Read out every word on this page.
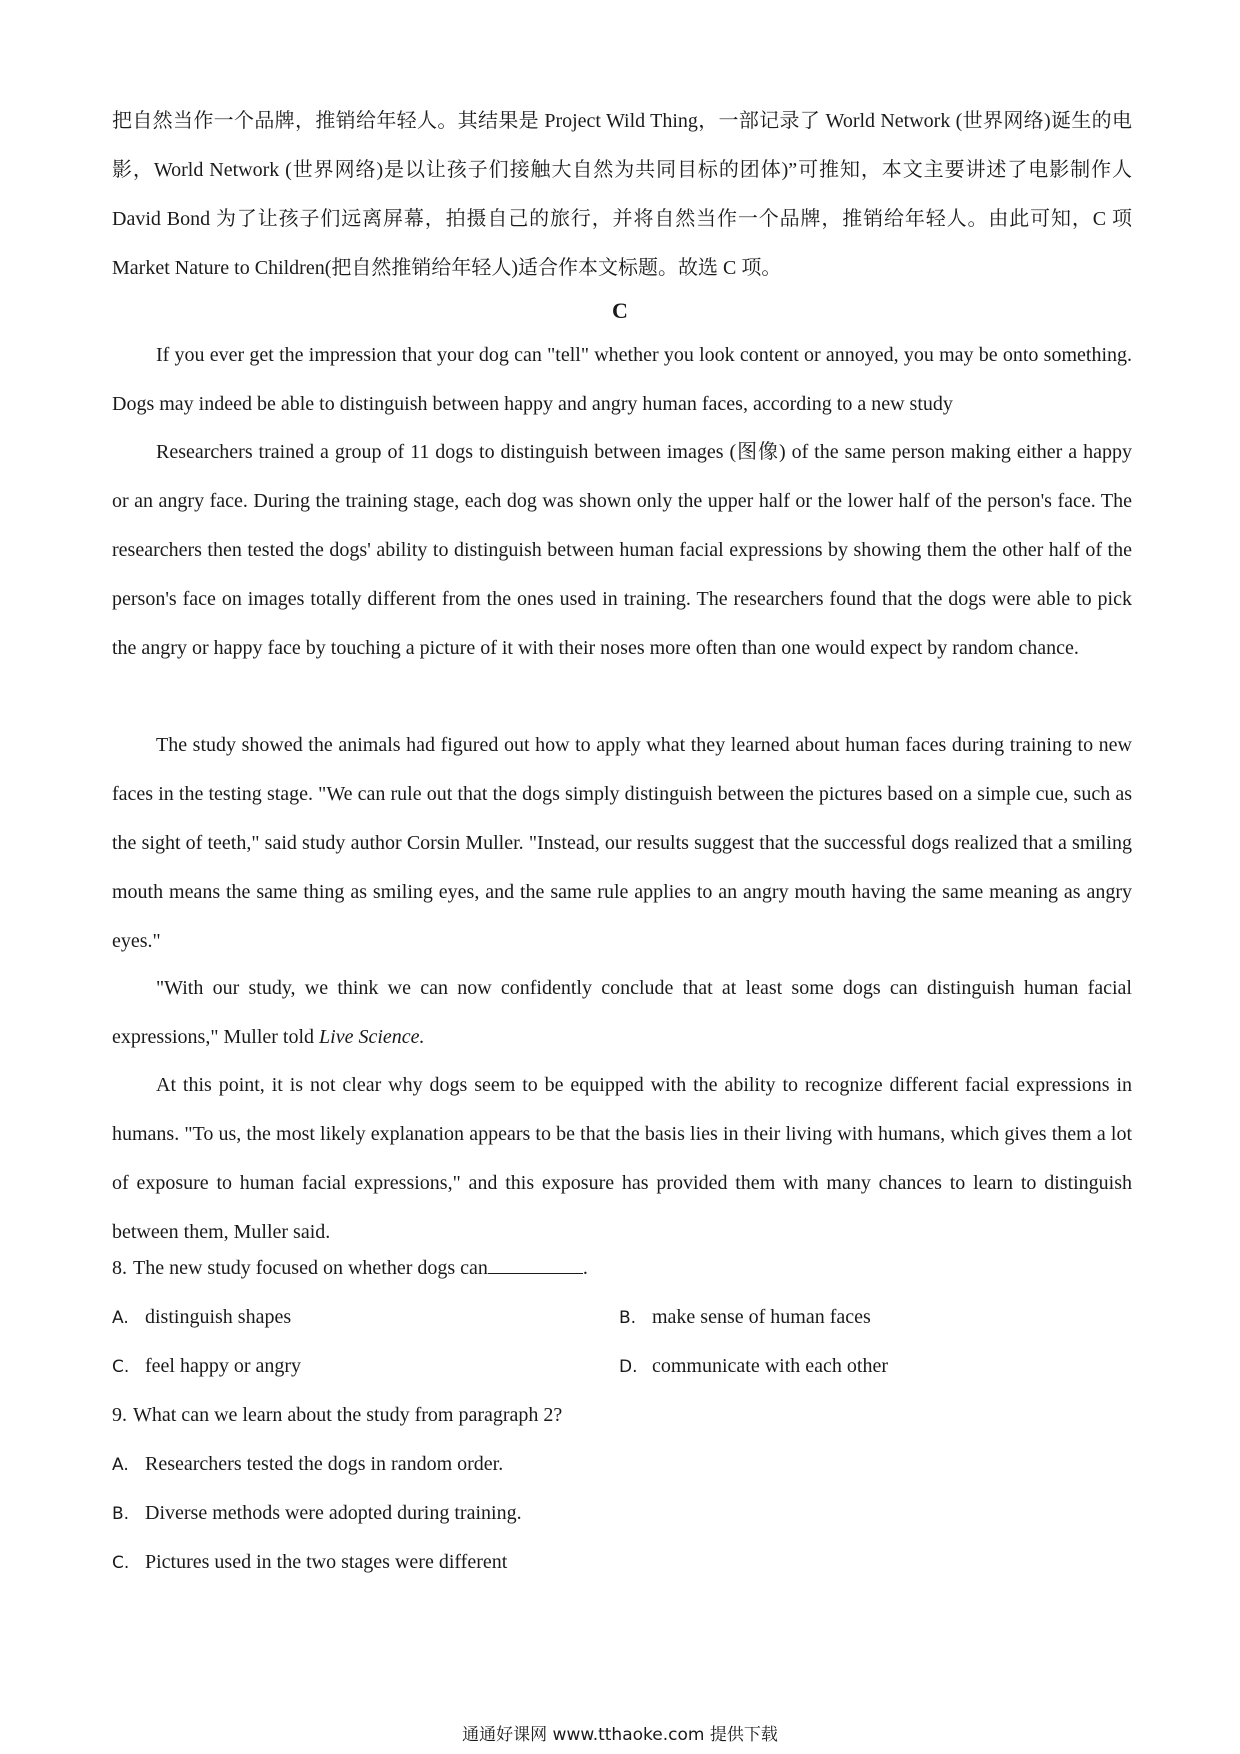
把自然当作一个品牌，推销给年轻人。其结果是 Project Wild Thing，一部记录了 World Network (世界网络)诞生的电影，World Network (世界网络)是以让孩子们接触大自然为共同目标的团体)”可推知，本文主要讲述了电影制作人 David Bond 为了让孩子们远离屏幕，拍摄自己的旅行，并将自然当作一个品牌，推销给年轻人。由此可知，C 项 Market Nature to Children(把自然推销给年轻人)适合作本文标题。故选 C 项。

C

If you ever get the impression that your dog can "tell" whether you look content or annoyed, you may be onto something. Dogs may indeed be able to distinguish between happy and angry human faces, according to a new study

Researchers trained a group of 11 dogs to distinguish between images (图像) of the same person making either a happy or an angry face. During the training stage, each dog was shown only the upper half or the lower half of the person's face. The researchers then tested the dogs' ability to distinguish between human facial expressions by showing them the other half of the person's face on images totally different from the ones used in training. The researchers found that the dogs were able to pick the angry or happy face by touching a picture of it with their noses more often than one would expect by random chance.

The study showed the animals had figured out how to apply what they learned about human faces during training to new faces in the testing stage. "We can rule out that the dogs simply distinguish between the pictures based on a simple cue, such as the sight of teeth," said study author Corsin Muller. "Instead, our results suggest that the successful dogs realized that a smiling mouth means the same thing as smiling eyes, and the same rule applies to an angry mouth having the same meaning as angry eyes."

"With our study, we think we can now confidently conclude that at least some dogs can distinguish human facial expressions," Muller told Live Science.

At this point, it is not clear why dogs seem to be equipped with the ability to recognize different facial expressions in humans. "To us, the most likely explanation appears to be that the basis lies in their living with humans, which gives them a lot of exposure to human facial expressions," and this exposure has provided them with many chances to learn to distinguish between them, Muller said.

8. The new study focused on whether dogs can	.
A. distinguish shapes	B. make sense of human faces
C. feel happy or angry	D. communicate with each other
9. What can we learn about the study from paragraph 2?
A. Researchers tested the dogs in random order.
B. Diverse methods were adopted during training.
C. Pictures used in the two stages were different
通通好课网 www.tthaoke.com 提供下载
